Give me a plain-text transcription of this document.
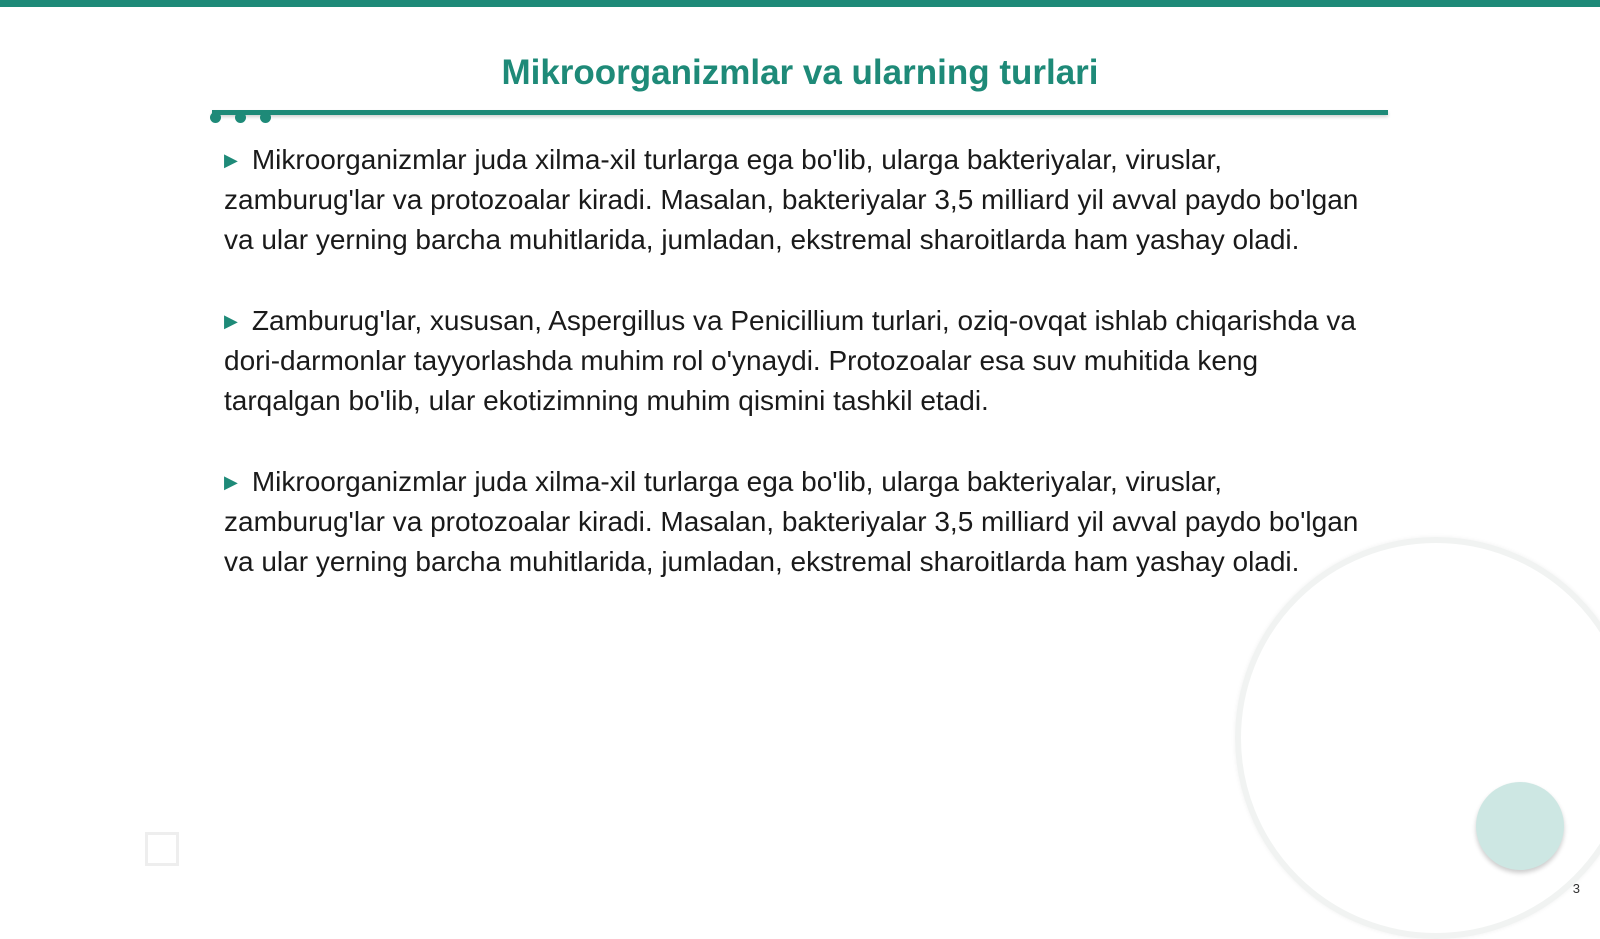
Mikroorganizmlar va ularning turlari

▶ Mikroorganizmlar juda xilma-xil turlarga ega bo'lib, ularga bakteriyalar, viruslar, zamburug'lar va protozoalar kiradi. Masalan, bakteriyalar 3,5 milliard yil avval paydo bo'lgan va ular yerning barcha muhitlarida, jumladan, ekstremal sharoitlarda ham yashay oladi.

▶ Zamburug'lar, xususan, Aspergillus va Penicillium turlari, oziq-ovqat ishlab chiqarishda va dori-darmonlar tayyorlashda muhim rol o'ynaydi. Protozoalar esa suv muhitida keng tarqalgan bo'lib, ular ekotizimning muhim qismini tashkil etadi.

▶ Mikroorganizmlar juda xilma-xil turlarga ega bo'lib, ularga bakteriyalar, viruslar, zamburug'lar va protozoalar kiradi. Masalan, bakteriyalar 3,5 milliard yil avval paydo bo'lgan va ular yerning barcha muhitlarida, jumladan, ekstremal sharoitlarda ham yashay oladi.

3
